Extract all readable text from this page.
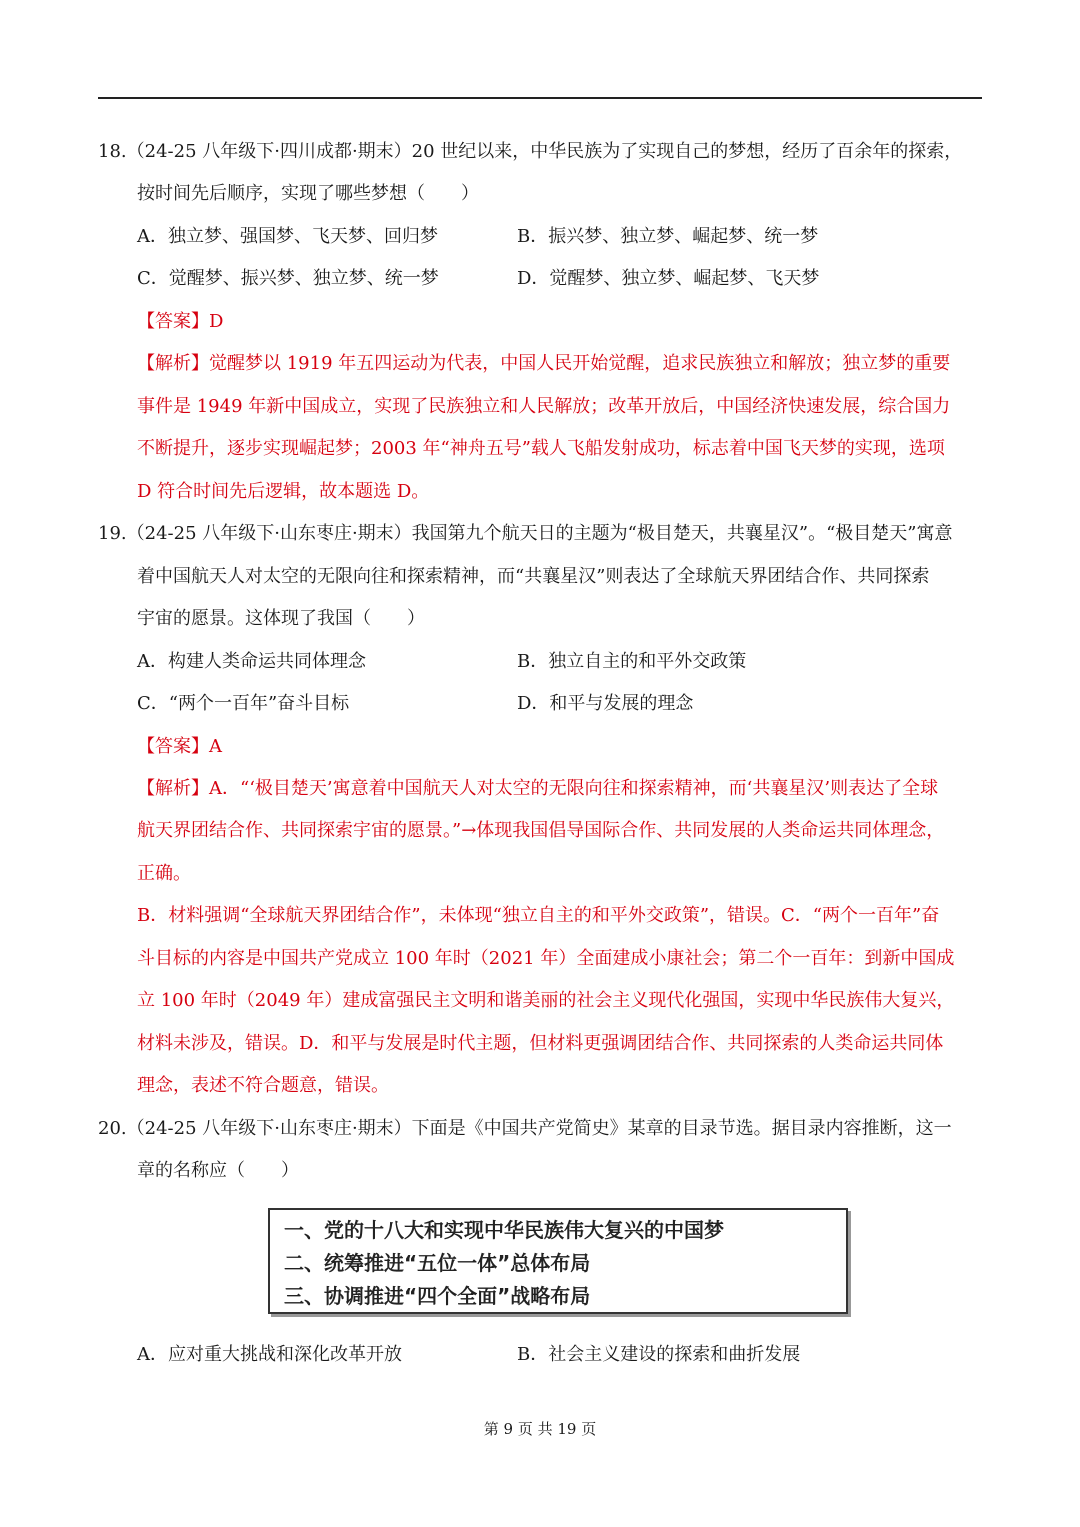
18.（24-25 八年级下·四川成都·期末）20 世纪以来，中华民族为了实现自己的梦想，经历了百余年的探索，
按时间先后顺序，实现了哪些梦想（　　）
A．独立梦、强国梦、飞天梦、回归梦	B．振兴梦、独立梦、崛起梦、统一梦
C．觉醒梦、振兴梦、独立梦、统一梦	D．觉醒梦、独立梦、崛起梦、飞天梦
【答案】D
【解析】觉醒梦以 1919 年五四运动为代表，中国人民开始觉醒，追求民族独立和解放；独立梦的重要
事件是 1949 年新中国成立，实现了民族独立和人民解放；改革开放后，中国经济快速发展，综合国力
不断提升，逐步实现崛起梦；2003 年“神舟五号”载人飞船发射成功，标志着中国飞天梦的实现，选项
D 符合时间先后逻辑，故本题选 D。
19.（24-25 八年级下·山东枣庄·期末）我国第九个航天日的主题为“极目楚天，共襄星汉”。“极目楚天”寓意
着中国航天人对太空的无限向往和探索精神，而“共襄星汉”则表达了全球航天界团结合作、共同探索
宇宙的愿景。这体现了我国（　　）
A．构建人类命运共同体理念	B．独立自主的和平外交政策
C．“两个一百年”奋斗目标	D．和平与发展的理念
【答案】A
【解析】A．“‘极目楚天’寓意着中国航天人对太空的无限向往和探索精神，而‘共襄星汉’则表达了全球
航天界团结合作、共同探索宇宙的愿景。”→体现我国倡导国际合作、共同发展的人类命运共同体理念，
正确。
B．材料强调“全球航天界团结合作”，未体现“独立自主的和平外交政策”，错误。C．“两个一百年”奋
斗目标的内容是中国共产党成立 100 年时（2021 年）全面建成小康社会；第二个一百年：到新中国成
立 100 年时（2049 年）建成富强民主文明和谐美丽的社会主义现代化强国，实现中华民族伟大复兴，
材料未涉及，错误。D．和平与发展是时代主题，但材料更强调团结合作、共同探索的人类命运共同体
理念，表述不符合题意，错误。
20.（24-25 八年级下·山东枣庄·期末）下面是《中国共产党简史》某章的目录节选。据目录内容推断，这一
章的名称应（　　）
一、党的十八大和实现中华民族伟大复兴的中国梦
二、统筹推进“五位一体”总体布局
三、协调推进“四个全面”战略布局
A．应对重大挑战和深化改革开放	B．社会主义建设的探索和曲折发展
第 9 页 共 19 页
